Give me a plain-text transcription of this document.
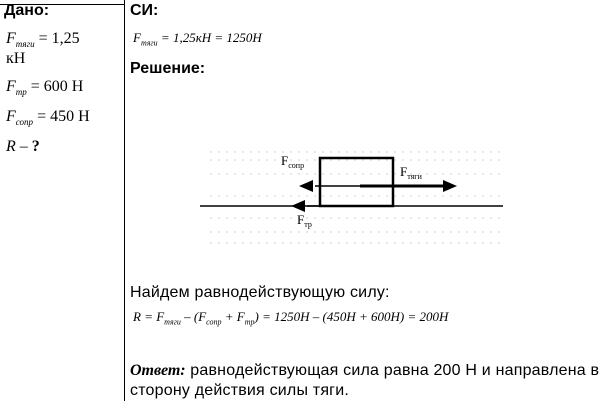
Дано:
$F_{тяги} = 1,25$
кН
$F_{тр} = 600$ Н
$F_{сопр} = 450$ Н
R – ?
СИ:
$F_{тяги} = 1,25кН = 1250Н$
Решение:
$F_{сопр}$	$F_{тяги}$
$F_{тр}$
Найдем равнодействующую силу:
$R = F_{тяги} - (F_{сопр} + F_{тр}) = 1250Н - (450Н + 600Н) = 200Н$
Ответ: равнодействующая сила равна 200 Н и направлена в
сторону действия силы тяги.
